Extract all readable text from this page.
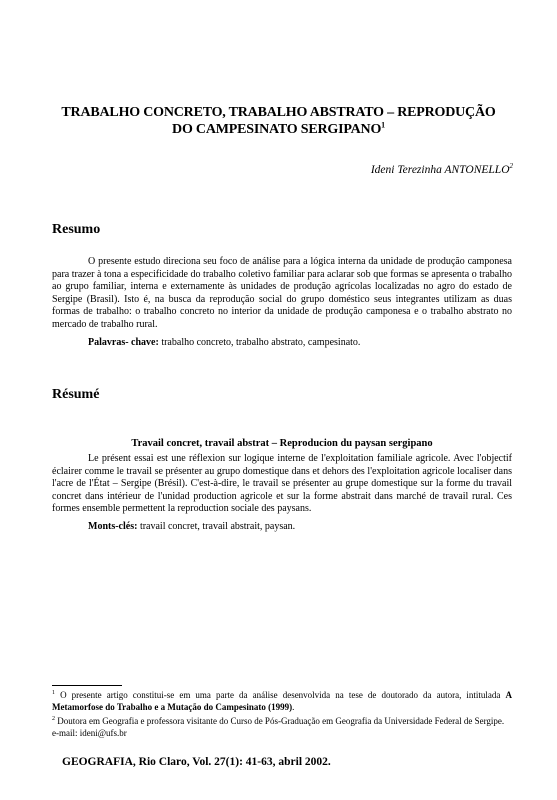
TRABALHO CONCRETO, TRABALHO ABSTRATO – REPRODUÇÃO
DO CAMPESINATO SERGIPANO$^1$
Ideni Terezinha ANTONELLO$^2$
Resumo

O presente estudo direciona seu foco de análise para a lógica interna da unidade de produção camponesa para trazer à tona a especificidade do trabalho coletivo familiar para aclarar sob que formas se apresenta o trabalho ao grupo familiar, interna e externamente às unidades de produção agrícolas localizadas no agro do estado de Sergipe (Brasil). Isto é, na busca da reprodução social do grupo doméstico seus integrantes utilizam as duas formas de trabalho: o trabalho concreto no interior da unidade de produção camponesa e o trabalho abstrato no mercado de trabalho rural.

Palavras- chave: trabalho concreto, trabalho abstrato, campesinato.
Résumé
Travail concret, travail abstrat – Reproducion du paysan sergipano

Le présent essai est une réflexion sur logique interne de l'exploitation familiale agricole. Avec l'objectif éclairer comme le travail se présenter au grupo domestique dans et dehors des l'exploitation agricole localiser dans l'acre de l'État – Sergipe (Brésil). C'est-à-dire, le travail se présenter au grupe domestique sur la forme du travail concret dans intérieur de l'unidad production agricole et sur la forme abstrait dans marché de travail rural. Ces formes ensemble permettent la reproduction sociale des paysans.

Monts-clés: travail concret, travail abstrait, paysan.
$^1$ O presente artigo constitui-se em uma parte da análise desenvolvida na tese de doutorado da autora, intitulada A Metamorfose do Trabalho e a Mutação do Campesinato (1999).
$^2$ Doutora em Geografia e professora visitante do Curso de Pós-Graduação em Geografia da Universidade Federal de Sergipe.
e-mail: ideni@ufs.br
GEOGRAFIA, Rio Claro, Vol. 27(1): 41-63, abril 2002.
